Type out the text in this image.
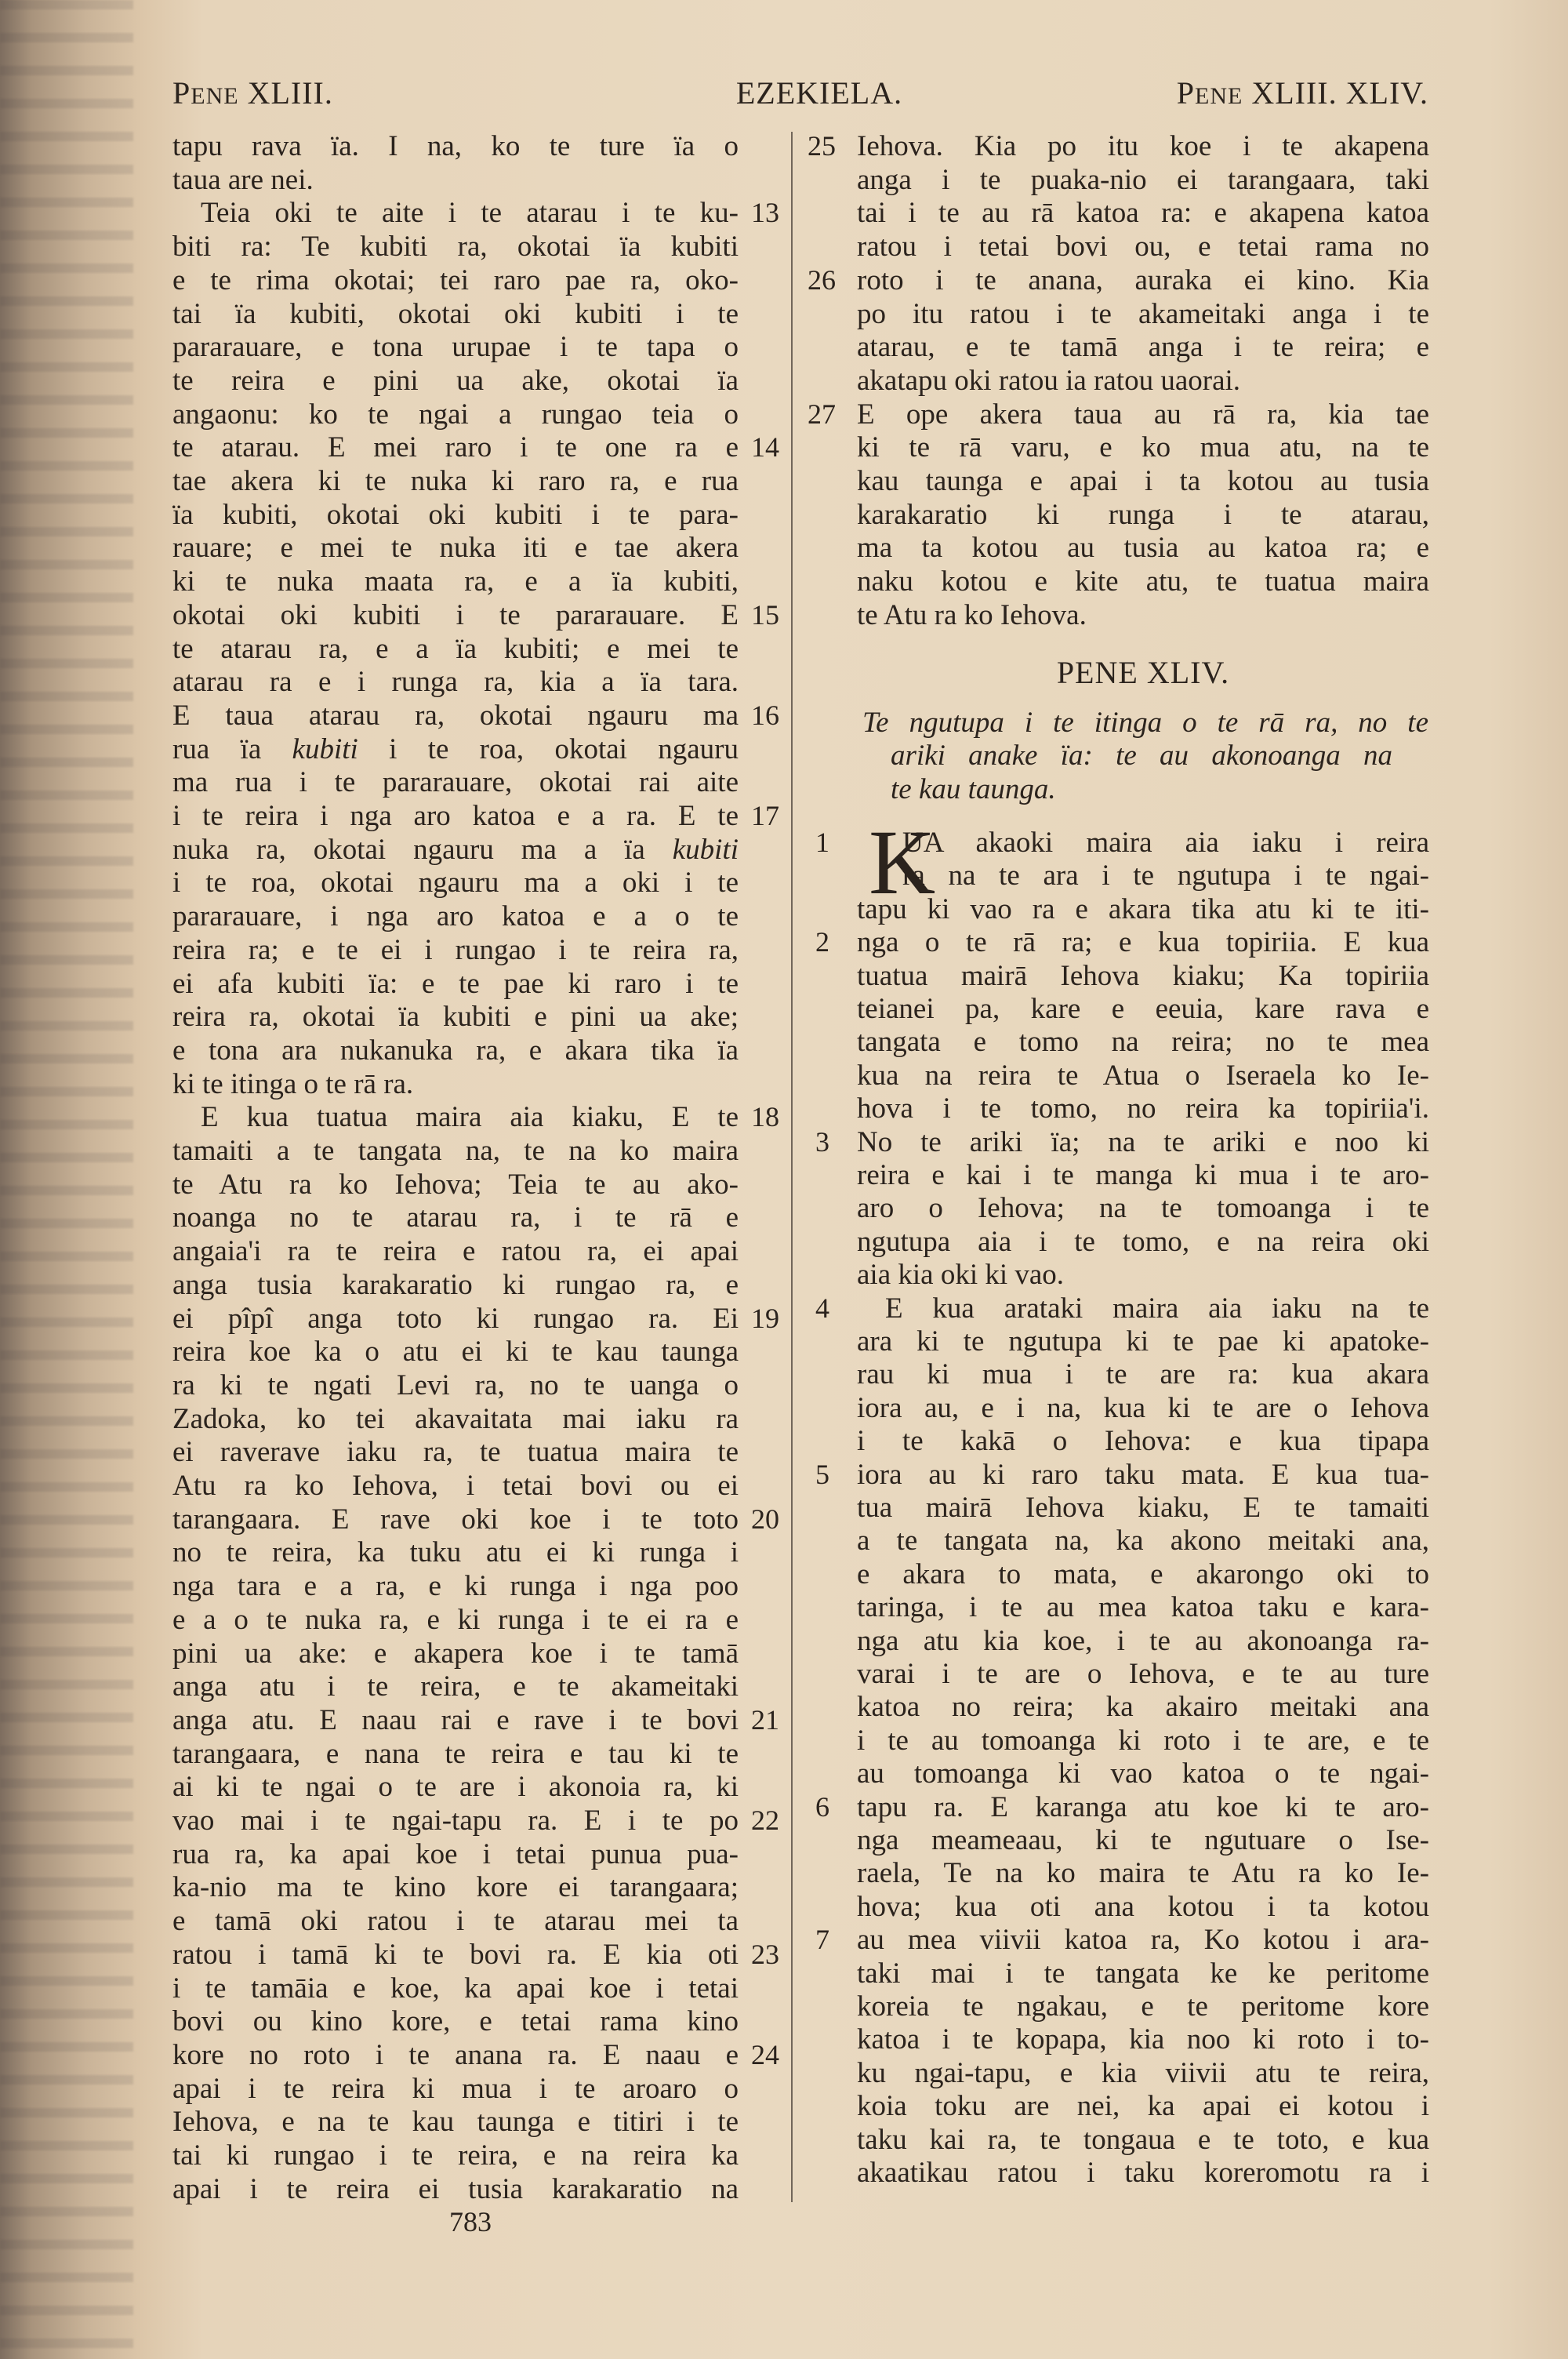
PENE XLIII.	EZEKIELA.	PENE XLIII. XLIV.
tapu rava ïa. I na, ko te ture ïa o
taua are nei.
Teia oki te aite i te atarau i te ku- 13
biti ra: Te kubiti ra, okotai ïa kubiti
e te rima okotai; tei raro pae ra, oko-
tai ïa kubiti, okotai oki kubiti i te
pararauare, e tona urupae i te tapa o
te reira e pini ua ake, okotai ïa
angaonu: ko te ngai a rungao teia o
te atarau. E mei raro i te one ra e 14
tae akera ki te nuka ki raro ra, e rua
ïa kubiti, okotai oki kubiti i te para-
rauare; e mei te nuka iti e tae akera
ki te nuka maata ra, e a ïa kubiti,
okotai oki kubiti i te pararauare. E 15
te atarau ra, e a ïa kubiti; e mei te
atarau ra e i runga ra, kia a ïa tara.
E taua atarau ra, okotai ngauru ma 16
rua ïa kubiti i te roa, okotai ngauru
ma rua i te pararauare, okotai rai aite
i te reira i nga aro katoa e a ra. E te 17
nuka ra, okotai ngauru ma a ïa kubiti
i te roa, okotai ngauru ma a oki i te
pararauare, i nga aro katoa e a o te
reira ra; e te ei i rungao i te reira ra,
ei afa kubiti ïa: e te pae ki raro i te
reira ra, okotai ïa kubiti e pini ua ake;
e tona ara nukanuka ra, e akara tika ïa
ki te itinga o te rā ra.
E kua tuatua maira aia kiaku, E te 18
tamaiti a te tangata na, te na ko maira
te Atu ra ko Iehova; Teia te au ako-
noanga no te atarau ra, i te rā e
angaia'i ra te reira e ratou ra, ei apai
anga tusia karakaratio ki rungao ra, e
ei pîpî anga toto ki rungao ra. Ei 19
reira koe ka o atu ei ki te kau taunga
ra ki te ngati Levi ra, no te uanga o
Zadoka, ko tei akavaitata mai iaku ra
ei raverave iaku ra, te tuatua maira te
Atu ra ko Iehova, i tetai bovi ou ei
tarangaara. E rave oki koe i te toto 20
no te reira, ka tuku atu ei ki runga i
nga tara e a ra, e ki runga i nga poo
e a o te nuka ra, e ki runga i te ei ra e
pini ua ake: e akapera koe i te tamā
anga atu i te reira, e te akameitaki
anga atu. E naau rai e rave i te bovi 21
tarangaara, e nana te reira e tau ki te
ai ki te ngai o te are i akonoia ra, ki
vao mai i te ngai-tapu ra. E i te po 22
rua ra, ka apai koe i tetai punua pua-
ka-nio ma te kino kore ei tarangaara;
e tamā oki ratou i te atarau mei ta
ratou i tamā ki te bovi ra. E kia oti 23
i te tamāia e koe, ka apai koe i tetai
bovi ou kino kore, e tetai rama kino
kore no roto i te anana ra. E naau e 24
apai i te reira ki mua i te aroaro o
Iehova, e na te kau taunga e titiri i te
tai ki rungao i te reira, e na reira ka
apai i te reira ei tusia karakaratio na
Iehova. Kia po itu koe i te akapena
25
anga i te puaka-nio ei tarangaara, taki
tai i te au rā katoa ra: e akapena katoa
ratou i tetai bovi ou, e tetai rama no
roto i te anana, auraka ei kino. Kia
26
po itu ratou i te akameitaki anga i te
atarau, e te tamā anga i te reira; e
akatapu oki ratou ia ratou uaorai.
E ope akera taua au rā ra, kia tae
27
ki te rā varu, e ko mua atu, na te
kau taunga e apai i ta kotou au tusia
karakaratio ki runga i te atarau,
ma ta kotou au tusia au katoa ra; e
naku kotou e kite atu, te tuatua maira
te Atu ra ko Iehova.
PENE XLIV.
Te ngutupa i te itinga o te rā ra, no te
ariki anake ïa: te au akonoanga na
te kau taunga.
K
UA akaoki maira aia iaku i reira
1
ra na te ara i te ngutupa i te ngai-
tapu ki vao ra e akara tika atu ki te iti-
nga o te rā ra; e kua topiriia. E kua
2
tuatua mairā Iehova kiaku; Ka topiriia
teianei pa, kare e eeuia, kare rava e
tangata e tomo na reira; no te mea
kua na reira te Atua o Iseraela ko Ie-
hova i te tomo, no reira ka topiriia'i.
No te ariki ïa; na te ariki e noo ki
3
reira e kai i te manga ki mua i te aro-
aro o Iehova; na te tomoanga i te
ngutupa aia i te tomo, e na reira oki
aia kia oki ki vao.
E kua arataki maira aia iaku na te
4
ara ki te ngutupa ki te pae ki apatoke-
rau ki mua i te are ra: kua akara
iora au, e i na, kua ki te are o Iehova
i te kakā o Iehova: e kua tipapa
iora au ki raro taku mata. E kua tua-
5
tua mairā Iehova kiaku, E te tamaiti
a te tangata na, ka akono meitaki ana,
e akara to mata, e akarongo oki to
taringa, i te au mea katoa taku e kara-
nga atu kia koe, i te au akonoanga ra-
varai i te are o Iehova, e te au ture
katoa no reira; ka akairo meitaki ana
i te au tomoanga ki roto i te are, e te
au tomoanga ki vao katoa o te ngai-
tapu ra. E karanga atu koe ki te aro-
6
nga meameaau, ki te ngutuare o Ise-
raela, Te na ko maira te Atu ra ko Ie-
hova; kua oti ana kotou i ta kotou
au mea viivii katoa ra, Ko kotou i ara-
7
taki mai i te tangata ke ke peritome
koreia te ngakau, e te peritome kore
katoa i te kopapa, kia noo ki roto i to-
ku ngai-tapu, e kia viivii atu te reira,
koia toku are nei, ka apai ei kotou i
taku kai ra, te tongaua e te toto, e kua
akaatikau ratou i taku koreromotu ra i
783
